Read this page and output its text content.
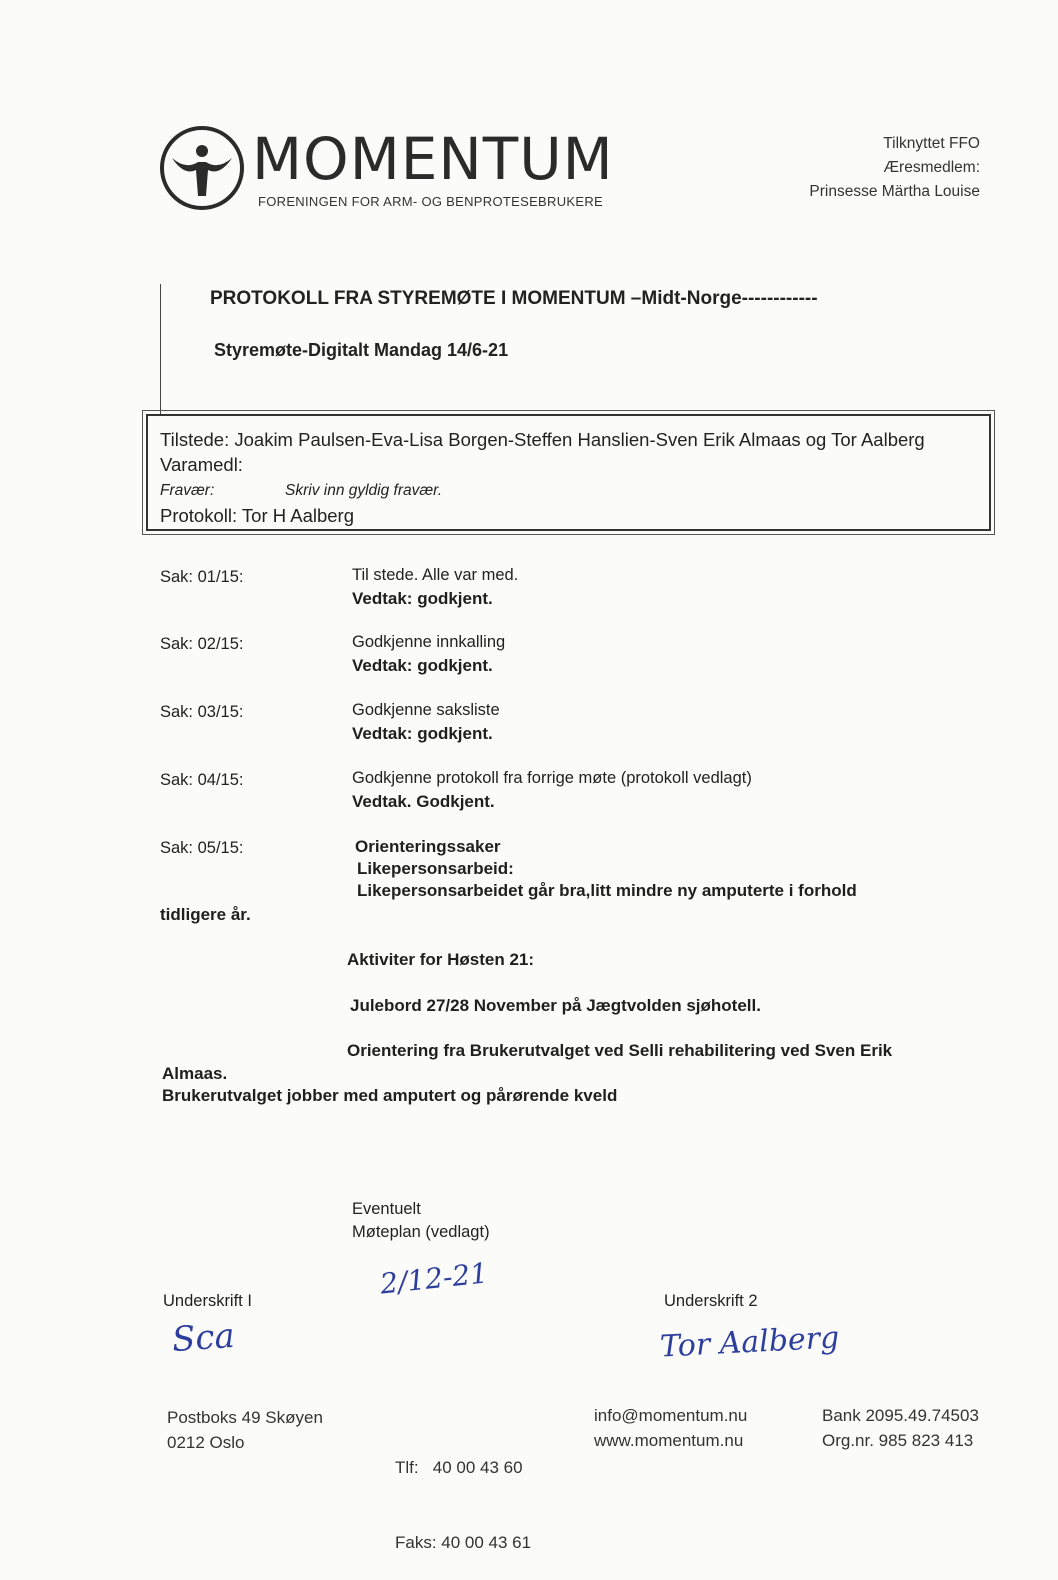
MOMENTUM
FORENINGEN FOR ARM- OG BENPROTESEBRUKERE
Tilknyttet FFO
Æresmedlem:
Prinsesse Märtha Louise
PROTOKOLL FRA STYREMØTE I MOMENTUM –Midt-Norge------------
Styremøte-Digitalt Mandag 14/6-21
Tilstede: Joakim Paulsen-Eva-Lisa Borgen-Steffen Hanslien-Sven Erik Almaas og Tor Aalberg
Varamedl:
Fravær:	Skriv inn gyldig fravær.
Protokoll: Tor H Aalberg
Sak: 01/15:	Til stede. Alle var med.
Vedtak: godkjent.
Sak: 02/15:	Godkjenne innkalling
Vedtak: godkjent.
Sak: 03/15:	Godkjenne saksliste
Vedtak: godkjent.
Sak: 04/15:	Godkjenne protokoll fra forrige møte (protokoll vedlagt)
Vedtak. Godkjent.
Sak: 05/15:	Orienteringssaker
Likepersonsarbeid:
Likepersonsarbeidet går bra,litt mindre ny amputerte i forhold
tidligere år.
Aktiviter for Høsten 21:
Julebord 27/28 November på Jægtvolden sjøhotell.
Orientering fra Brukerutvalget ved Selli rehabilitering ved Sven Erik
Almaas.
Brukerutvalget jobber med amputert og pårørende kveld
Eventuelt
Møteplan (vedlagt)
Underskrift I
2/12-21
Underskrift 2
Sca	Tor Aalberg
Postboks 49 Skøyen
0212 Oslo

Tlf:   40 00 43 60

Faks: 40 00 43 61

info@momentum.nu
www.momentum.nu
Bank 2095.49.74503
Org.nr. 985 823 413
